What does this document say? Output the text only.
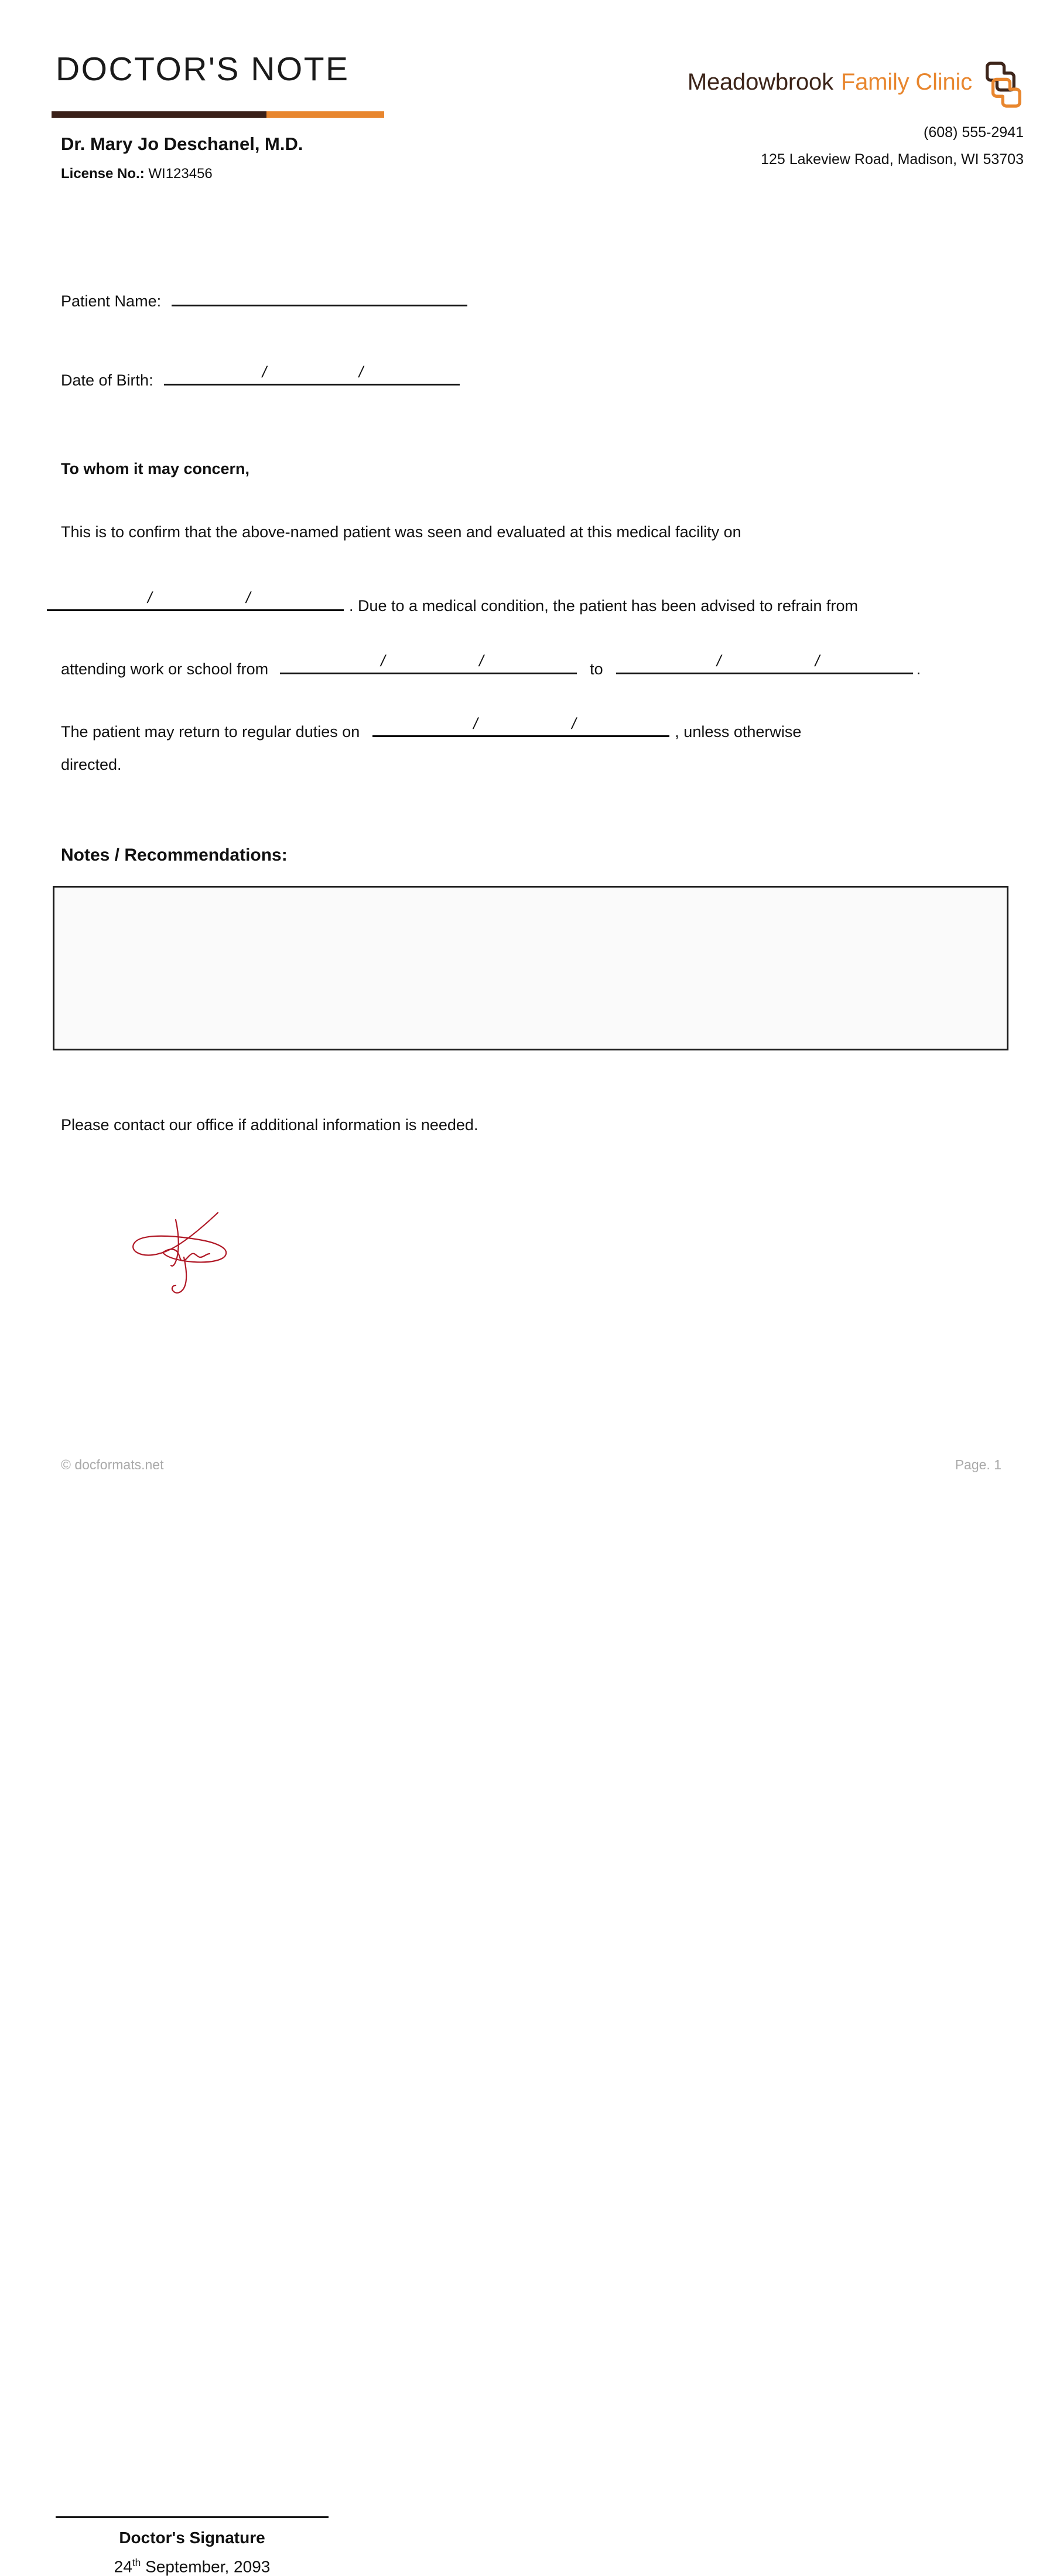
DOCTOR'S NOTE
Dr. Mary Jo Deschanel, M.D.
License No.: WI123456
Meadowbrook Family Clinic
(608) 555-2941
125 Lakeview Road, Madison, WI 53703
Patient Name:
Date of Birth:	/	/
To whom it may concern,
This is to confirm that the above-named patient was seen and evaluated at this medical facility on
/	/	. Due to a medical condition, the patient has been advised to refrain from
attending work or school from	/	/	to	/	/	.
The patient may return to regular duties on	/	/	, unless otherwise
directed.
Notes / Recommendations:
Please contact our office if additional information is needed.
Doctor's Signature
24th September, 2093
© docformats.net	Page. 1
